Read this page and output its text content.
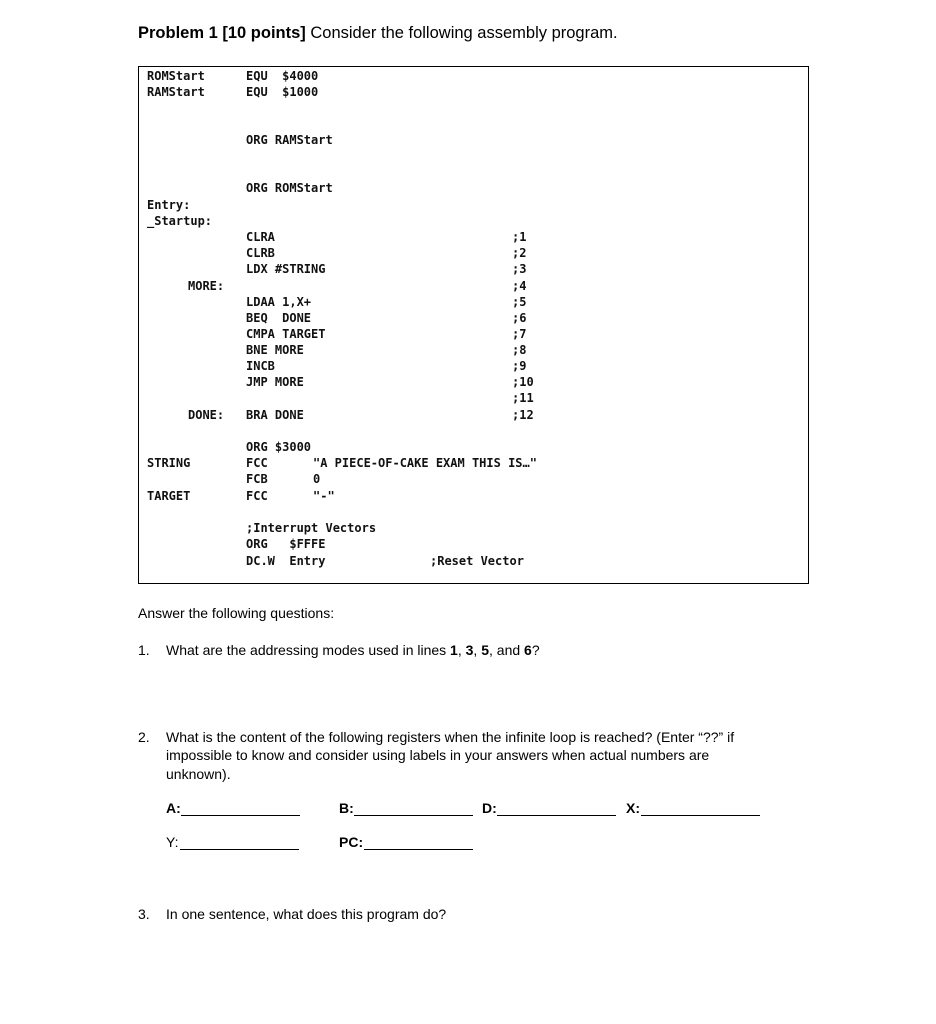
Problem 1 [10 points] Consider the following assembly program.
ROMStart	EQU  $4000
RAMStart	EQU  $1000
ORG RAMStart
ORG ROMStart
Entry:
_Startup:
CLRA	;1
CLRB	;2
LDX #STRING	;3
MORE:	;4
LDAA 1,X+	;5
BEQ  DONE	;6
CMPA TARGET	;7
BNE MORE	;8
INCB	;9
JMP MORE	;10
;11
DONE: BRA DONE	;12
ORG $3000
STRING	FCC	"A PIECE-OF-CAKE EXAM THIS IS…"
FCB	0
TARGET	FCC	"-"
;Interrupt Vectors
ORG   $FFFE
DC.W  Entry	;Reset Vector
Answer the following questions:
1. What are the addressing modes used in lines 1, 3, 5, and 6?
2. What is the content of the following registers when the infinite loop is reached? (Enter “??” if
impossible to know and consider using labels in your answers when actual numbers are
unknown).
A:	B:	D:	X:
Y:	PC:
3. In one sentence, what does this program do?
